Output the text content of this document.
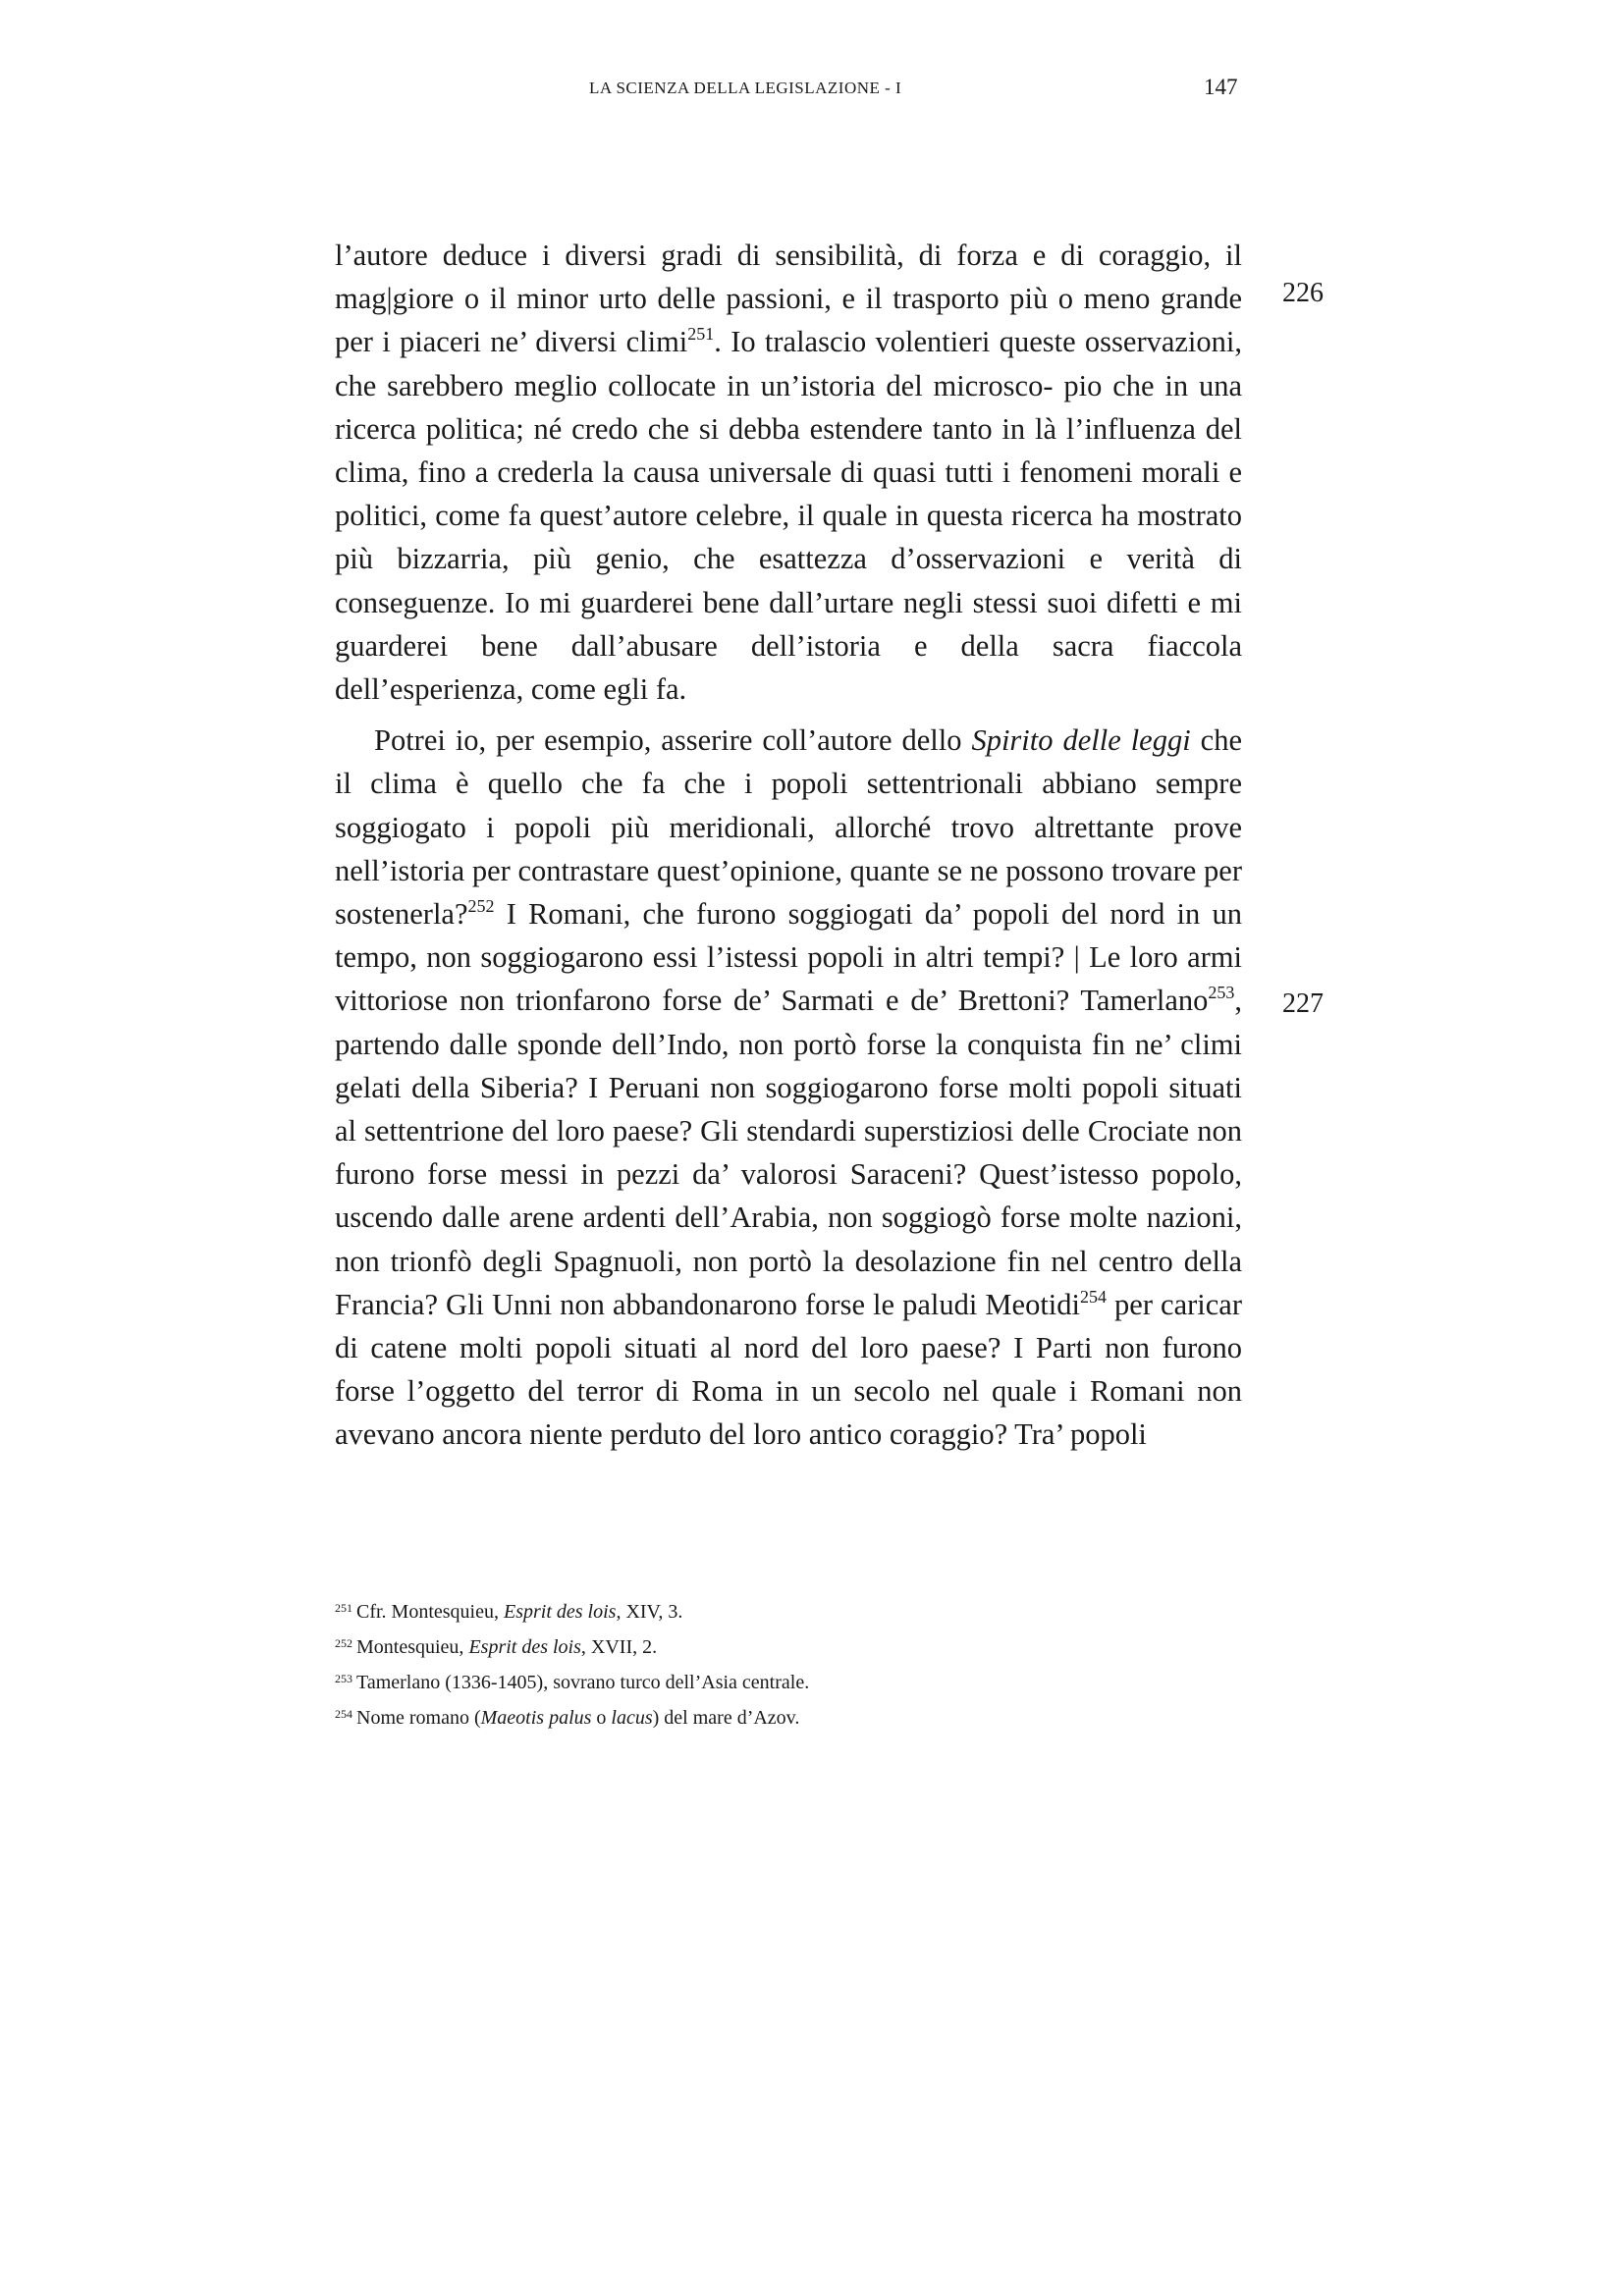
LA SCIENZA DELLA LEGISLAZIONE - I	147
226
227

l’autore deduce i diversi gradi di sensibilità, di forza e di coraggio, il mag|giore o il minor urto delle passioni, e il trasporto più o meno grande per i piaceri ne’ diversi climi$^{251}$. Io tralascio volentieri queste osservazioni, che sarebbero meglio collocate in un’istoria del microsco- pio che in una ricerca politica; né credo che si debba estendere tanto in là l’influenza del clima, fino a crederla la causa universale di quasi tutti i fenomeni morali e politici, come fa quest’autore celebre, il quale in questa ricerca ha mostrato più bizzarria, più genio, che esattezza d’osservazioni e verità di conseguenze. Io mi guarderei bene dall’urtare negli stessi suoi difetti e mi guarderei bene dall’abusare dell’istoria e della sacra fiaccola dell’esperienza, come egli fa.

Potrei io, per esempio, asserire coll’autore dello Spirito delle leggi che il clima è quello che fa che i popoli settentrionali abbiano sempre soggiogato i popoli più meridionali, allorché trovo altrettante prove nell’istoria per contrastare quest’opinione, quante se ne possono trovare per sostenerla?$^{252}$ I Romani, che furono soggiogati da’ popoli del nord in un tempo, non soggiogarono essi l’istessi popoli in altri tempi? | Le loro armi vittoriose non trionfarono forse de’ Sarmati e de’ Brettoni? Tamerlano$^{253}$, partendo dalle sponde dell’Indo, non portò forse la conquista fin ne’ climi gelati della Siberia? I Peruani non soggiogarono forse molti popoli situati al settentrione del loro paese? Gli stendardi superstiziosi delle Crociate non furono forse messi in pezzi da’ valorosi Saraceni? Quest’istesso popolo, uscendo dalle arene ardenti dell’Arabia, non soggiogò forse molte nazioni, non trionfò degli Spagnuoli, non portò la desolazione fin nel centro della Francia? Gli Unni non abbandonarono forse le paludi Meotidi$^{254}$ per caricar di catene molti popoli situati al nord del loro paese? I Parti non furono forse l’oggetto del terror di Roma in un secolo nel quale i Romani non avevano ancora niente perduto del loro antico coraggio? Tra’ popoli

$^{251}$ Cfr. Montesquieu, Esprit des lois, XIV, 3.

$^{252}$ Montesquieu, Esprit des lois, XVII, 2.

$^{253}$ Tamerlano (1336-1405), sovrano turco dell’Asia centrale.

$^{254}$ Nome romano (Maeotis palus o lacus) del mare d’Azov.
